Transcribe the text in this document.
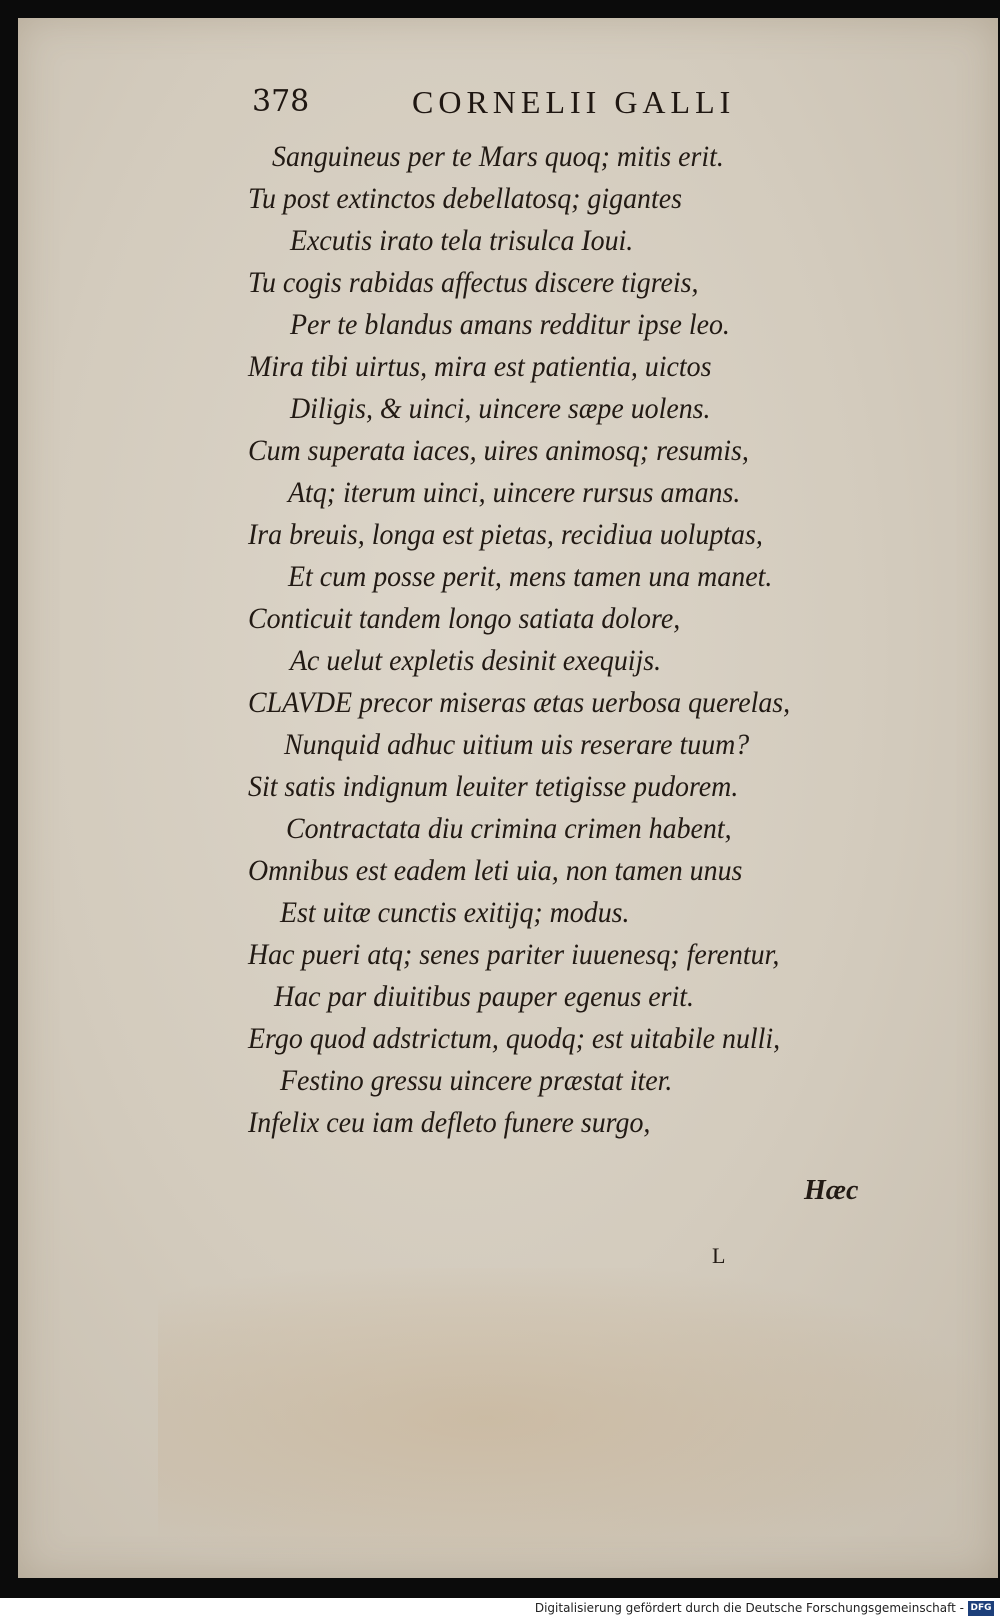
378	CORNELII GALLI
Sanguineus per te Mars quoq; mitis erit.
Tu post extinctos debellatosq; gigantes
Excutis irato tela trisulca Ioui.
Tu cogis rabidas affectus discere tigreis,
Per te blandus amans redditur ipse leo.
Mira tibi uirtus, mira est patientia, uictos
Diligis, & uinci, uincere sæpe uolens.
Cum superata iaces, uires animosq; resumis,
Atq; iterum uinci, uincere rursus amans.
Ira breuis, longa est pietas, recidiua uoluptas,
Et cum posse perit, mens tamen una manet.
Conticuit tandem longo satiata dolore,
Ac uelut expletis desinit exequijs.
CLAVDE precor miseras ætas uerbosa querelas,
Nunquid adhuc uitium uis reserare tuum?
Sit satis indignum leuiter tetigisse pudorem.
Contractata diu crimina crimen habent,
Omnibus est eadem leti uia, non tamen unus
Est uitæ cunctis exitijq; modus.
Hac pueri atq; senes pariter iuuenesq; ferentur,
Hac par diuitibus pauper egenus erit.
Ergo quod adstrictum, quodq; est uitabile nulli,
Festino gressu uincere præstat iter.
Infelix ceu iam defleto funere surgo,
Hæc
L
Digitalisierung gefördert durch die Deutsche Forschungsgemeinschaft - DFG
